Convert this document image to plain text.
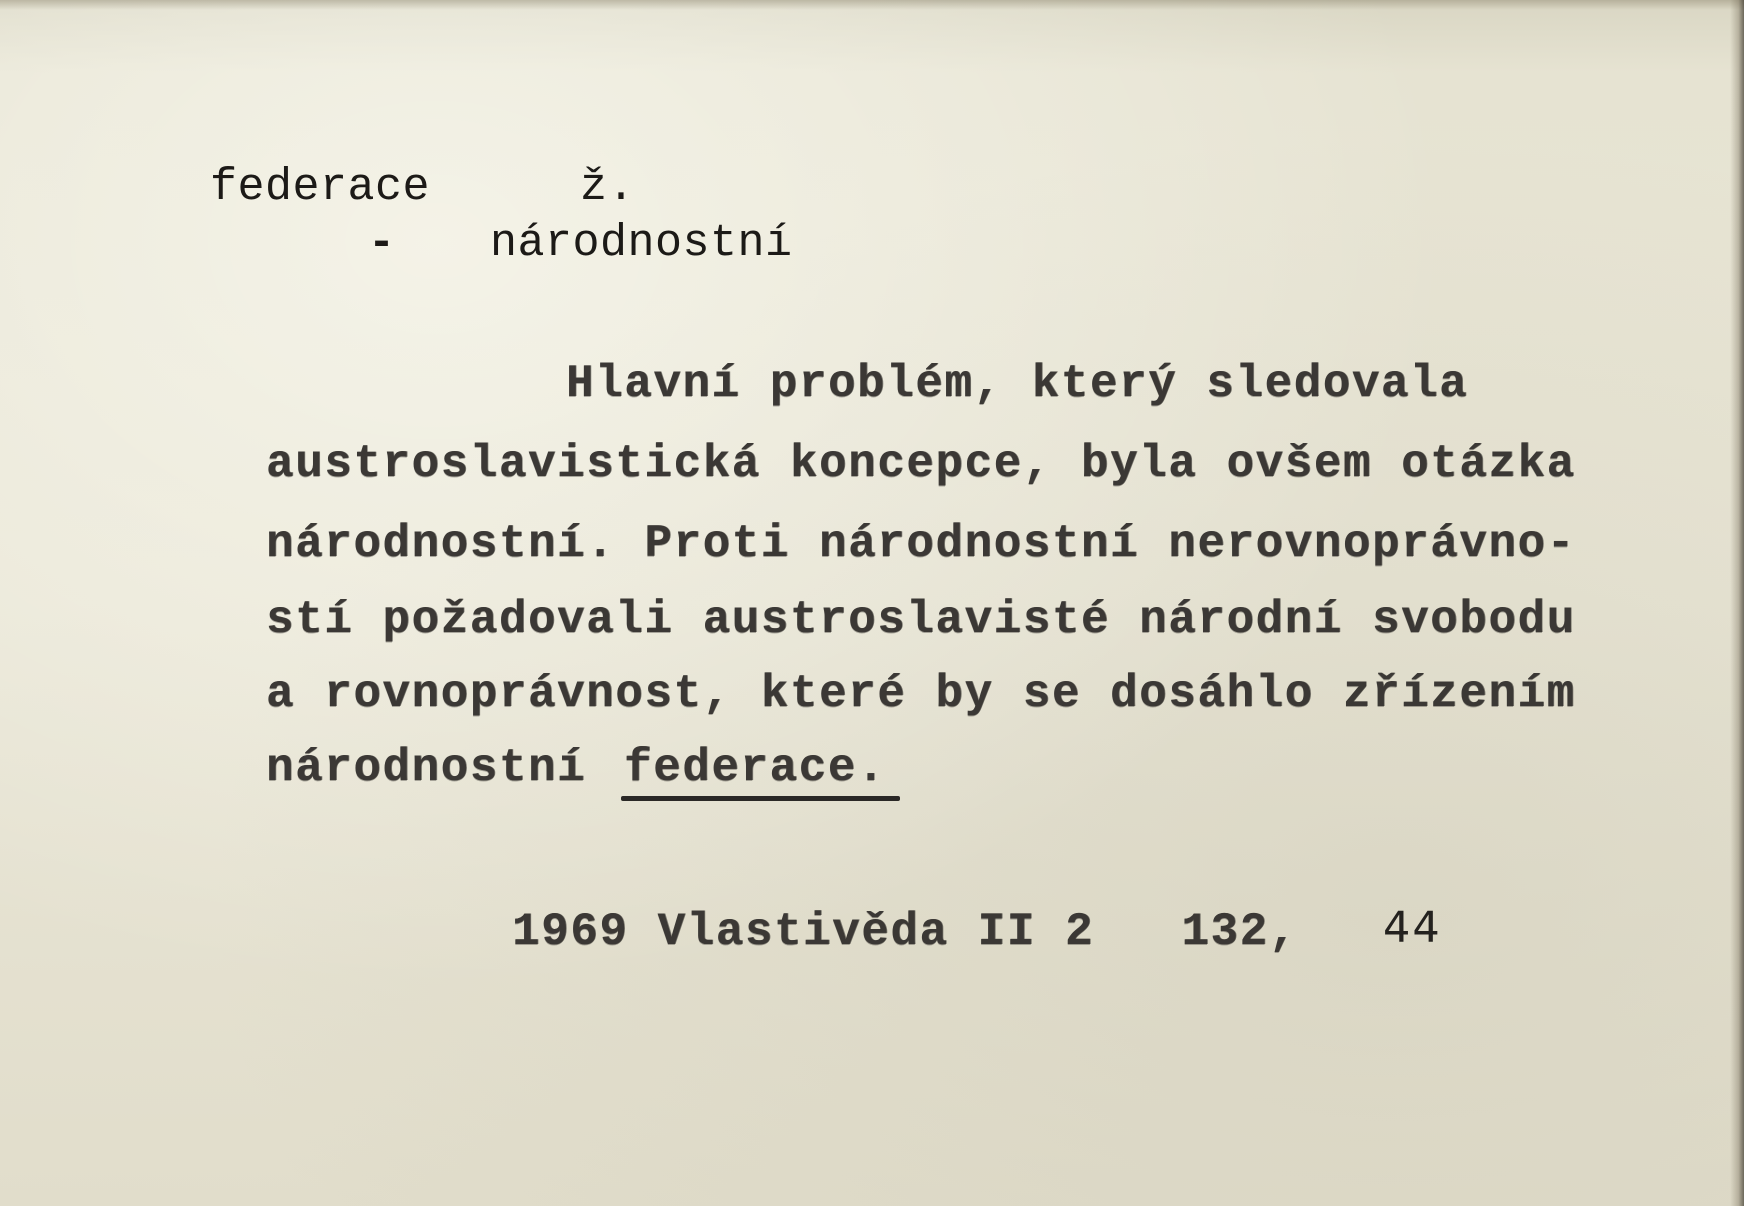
federace	ž.

- národnostní

Hlavní problém, který sledovala

austroslavistická koncepce, byla ovšem otázka

národnostní. Proti národnostní nerovnoprávno-

stí požadovali austroslavisté národní svobodu

a rovnoprávnost, které by se dosáhlo zřízením

národnostní federace.

1969 Vlastivěda II 2   132, 44
